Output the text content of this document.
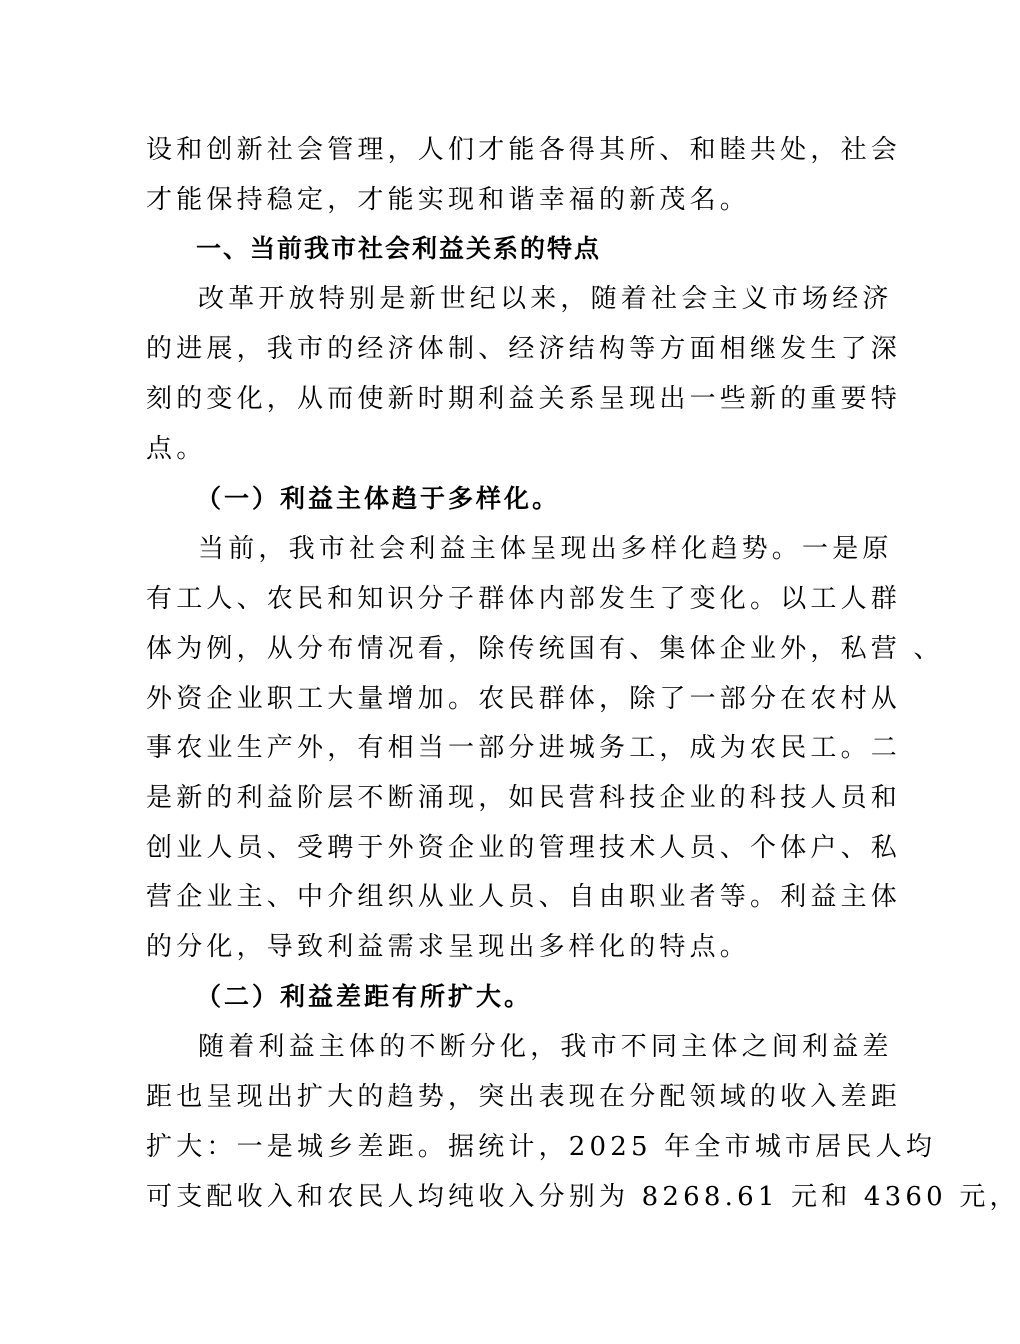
设和创新社会管理，人们才能各得其所、和睦共处，社会
才能保持稳定，才能实现和谐幸福的新茂名。
一、当前我市社会利益关系的特点
改革开放特别是新世纪以来，随着社会主义市场经济
的进展，我市的经济体制、经济结构等方面相继发生了深
刻的变化，从而使新时期利益关系呈现出一些新的重要特
点。
（一）利益主体趋于多样化。
当前，我市社会利益主体呈现出多样化趋势。一是原
有工人、农民和知识分子群体内部发生了变化。以工人群
体为例，从分布情况看，除传统国有、集体企业外，私营 、
外资企业职工大量增加。农民群体，除了一部分在农村从
事农业生产外，有相当一部分进城务工，成为农民工。二
是新的利益阶层不断涌现，如民营科技企业的科技人员和
创业人员、受聘于外资企业的管理技术人员、个体户、私
营企业主、中介组织从业人员、自由职业者等。利益主体
的分化，导致利益需求呈现出多样化的特点。
（二）利益差距有所扩大。
随着利益主体的不断分化，我市不同主体之间利益差
距也呈现出扩大的趋势，突出表现在分配领域的收入差距
扩大：一是城乡差距。据统计，2025 年全市城市居民人均
可支配收入和农民人均纯收入分别为 8268.61 元和 4360 元，
